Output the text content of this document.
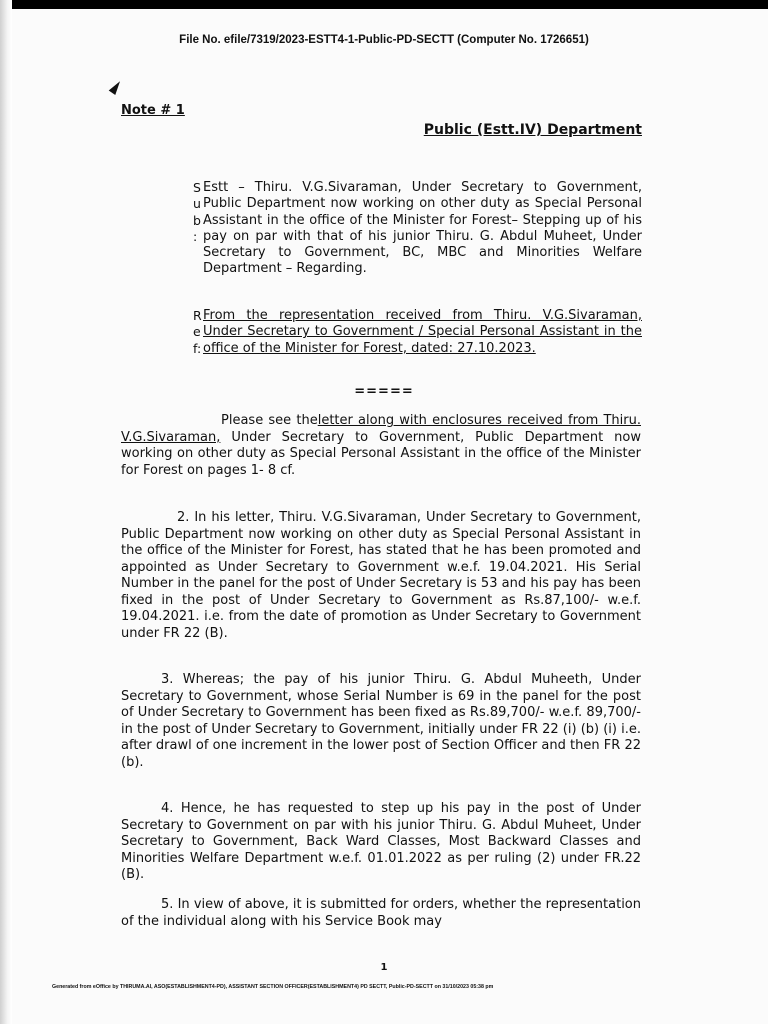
File No. efile/7319/2023-ESTT4-1-Public-PD-SECTT (Computer No. 1726651)
Note # 1
Public (Estt.IV) Department
S
u
b
:
Estt – Thiru. V.G.Sivaraman, Under Secretary to Government, Public Department now working on other duty as Special Personal Assistant in the office of the Minister for Forest– Stepping up of his pay on par with that of his junior Thiru. G. Abdul Muheet, Under Secretary to Government, BC, MBC and Minorities Welfare Department – Regarding.
R
e
f:
From the representation received from Thiru. V.G.Sivaraman, Under Secretary to Government / Special Personal Assistant in the office of the Minister for Forest, dated: 27.10.2023.
=====

Please see theletter along with enclosures received from Thiru. V.G.Sivaraman, Under Secretary to Government, Public Department now working on other duty as Special Personal Assistant in the office of the Minister for Forest on pages 1- 8 cf.

2. In his letter, Thiru. V.G.Sivaraman, Under Secretary to Government, Public Department now working on other duty as Special Personal Assistant in the office of the Minister for Forest, has stated that he has been promoted and appointed as Under Secretary to Government w.e.f. 19.04.2021. His Serial Number in the panel for the post of Under Secretary is 53 and his pay has been fixed in the post of Under Secretary to Government as Rs.87,100/- w.e.f. 19.04.2021. i.e. from the date of promotion as Under Secretary to Government under FR 22 (B).

3. Whereas; the pay of his junior Thiru. G. Abdul Muheeth, Under Secretary to Government, whose Serial Number is 69 in the panel for the post of Under Secretary to Government has been fixed as Rs.89,700/- w.e.f. 89,700/- in the post of Under Secretary to Government, initially under FR 22 (i) (b) (i) i.e. after drawl of one increment in the lower post of Section Officer and then FR 22 (b).

4. Hence, he has requested to step up his pay in the post of Under Secretary to Government on par with his junior Thiru. G. Abdul Muheet, Under Secretary to Government, Back Ward Classes, Most Backward Classes and Minorities Welfare Department w.e.f. 01.01.2022 as per ruling (2) under FR.22 (B).

5. In view of above, it is submitted for orders, whether the representation of the individual along with his Service Book may

1
Generated from eOffice by THIRUMA.AI, ASO(ESTABLISHMENT4-PD), ASSISTANT SECTION OFFICER(ESTABLISHMENT4) PD SECTT, Public-PD-SECTT on 31/10/2023 05:38 pm
